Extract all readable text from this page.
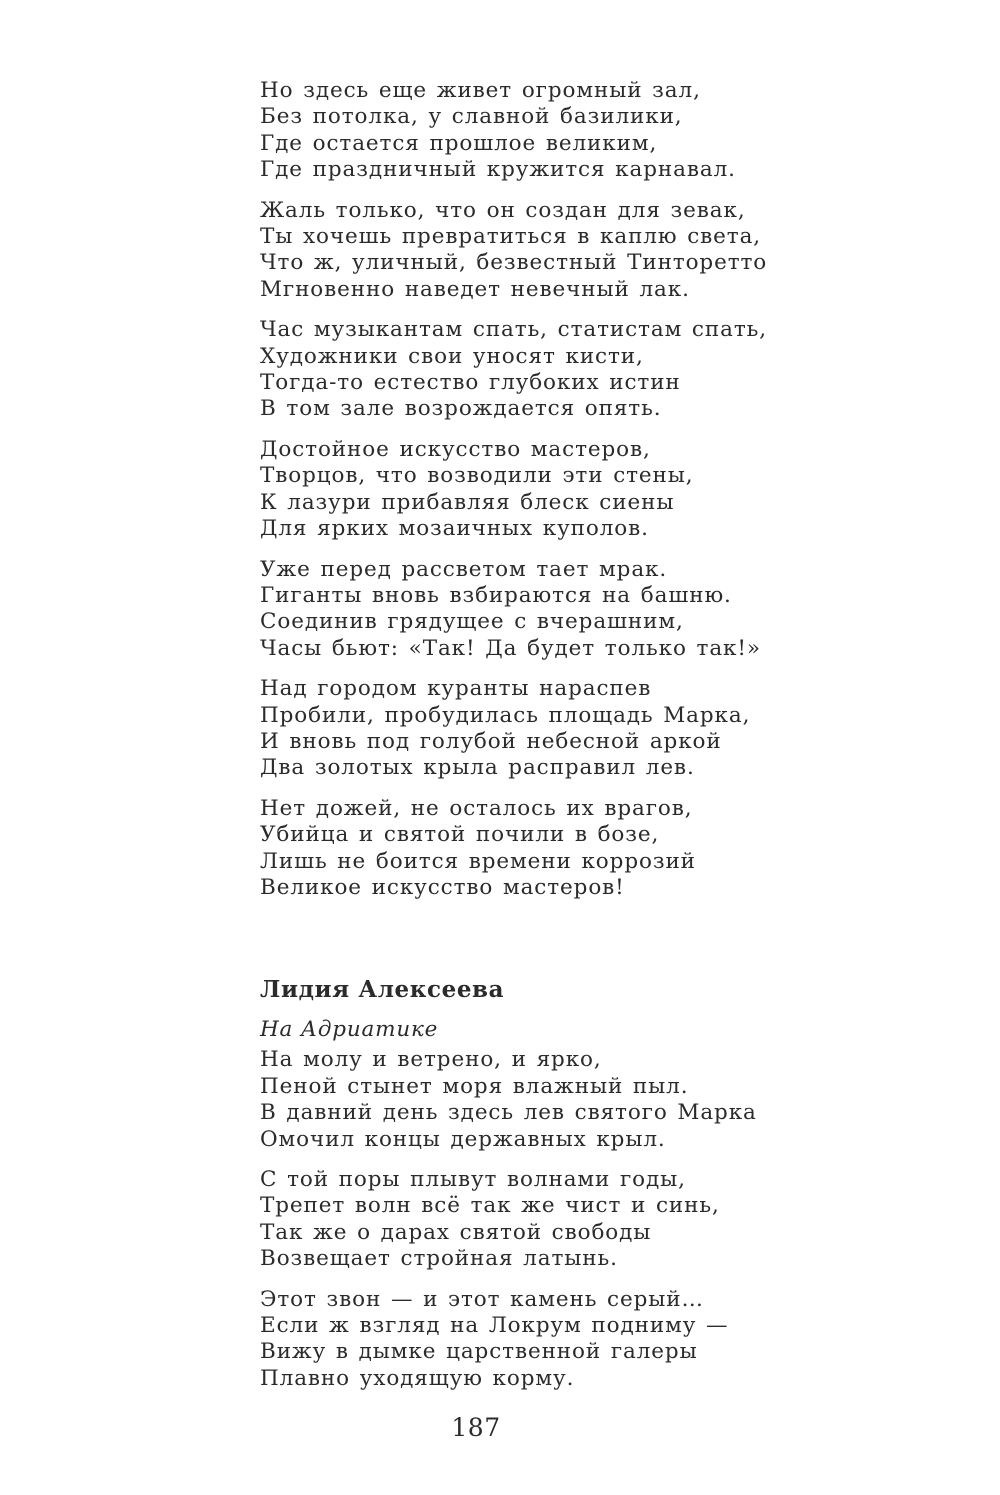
Но здесь еще живет огромный зал,
Без потолка, у славной базилики,
Где остается прошлое великим,
Где праздничный кружится карнавал.
Жаль только, что он создан для зевак,
Ты хочешь превратиться в каплю света,
Что ж, уличный, безвестный Тинторетто
Мгновенно наведет невечный лак.
Час музыкантам спать, статистам спать,
Художники свои уносят кисти,
Тогда-то естество глубоких истин
В том зале возрождается опять.
Достойное искусство мастеров,
Творцов, что возводили эти стены,
К лазури прибавляя блеск сиены
Для ярких мозаичных куполов.
Уже перед рассветом тает мрак.
Гиганты вновь взбираются на башню.
Соединив грядущее с вчерашним,
Часы бьют: «Так! Да будет только так!»
Над городом куранты нараспев
Пробили, пробудилась площадь Марка,
И вновь под голубой небесной аркой
Два золотых крыла расправил лев.
Нет дожей, не осталось их врагов,
Убийца и святой почили в бозе,
Лишь не боится времени коррозий
Великое искусство мастеров!
Лидия Алексеева
На Адриатике
На молу и ветрено, и ярко,
Пеной стынет моря влажный пыл.
В давний день здесь лев святого Марка
Омочил концы державных крыл.
С той поры плывут волнами годы,
Трепет волн всё так же чист и синь,
Так же о дарах святой свободы
Возвещает стройная латынь.
Этот звон — и этот камень серый…
Если ж взгляд на Локрум подниму —
Вижу в дымке царственной галеры
Плавно уходящую корму.
187
